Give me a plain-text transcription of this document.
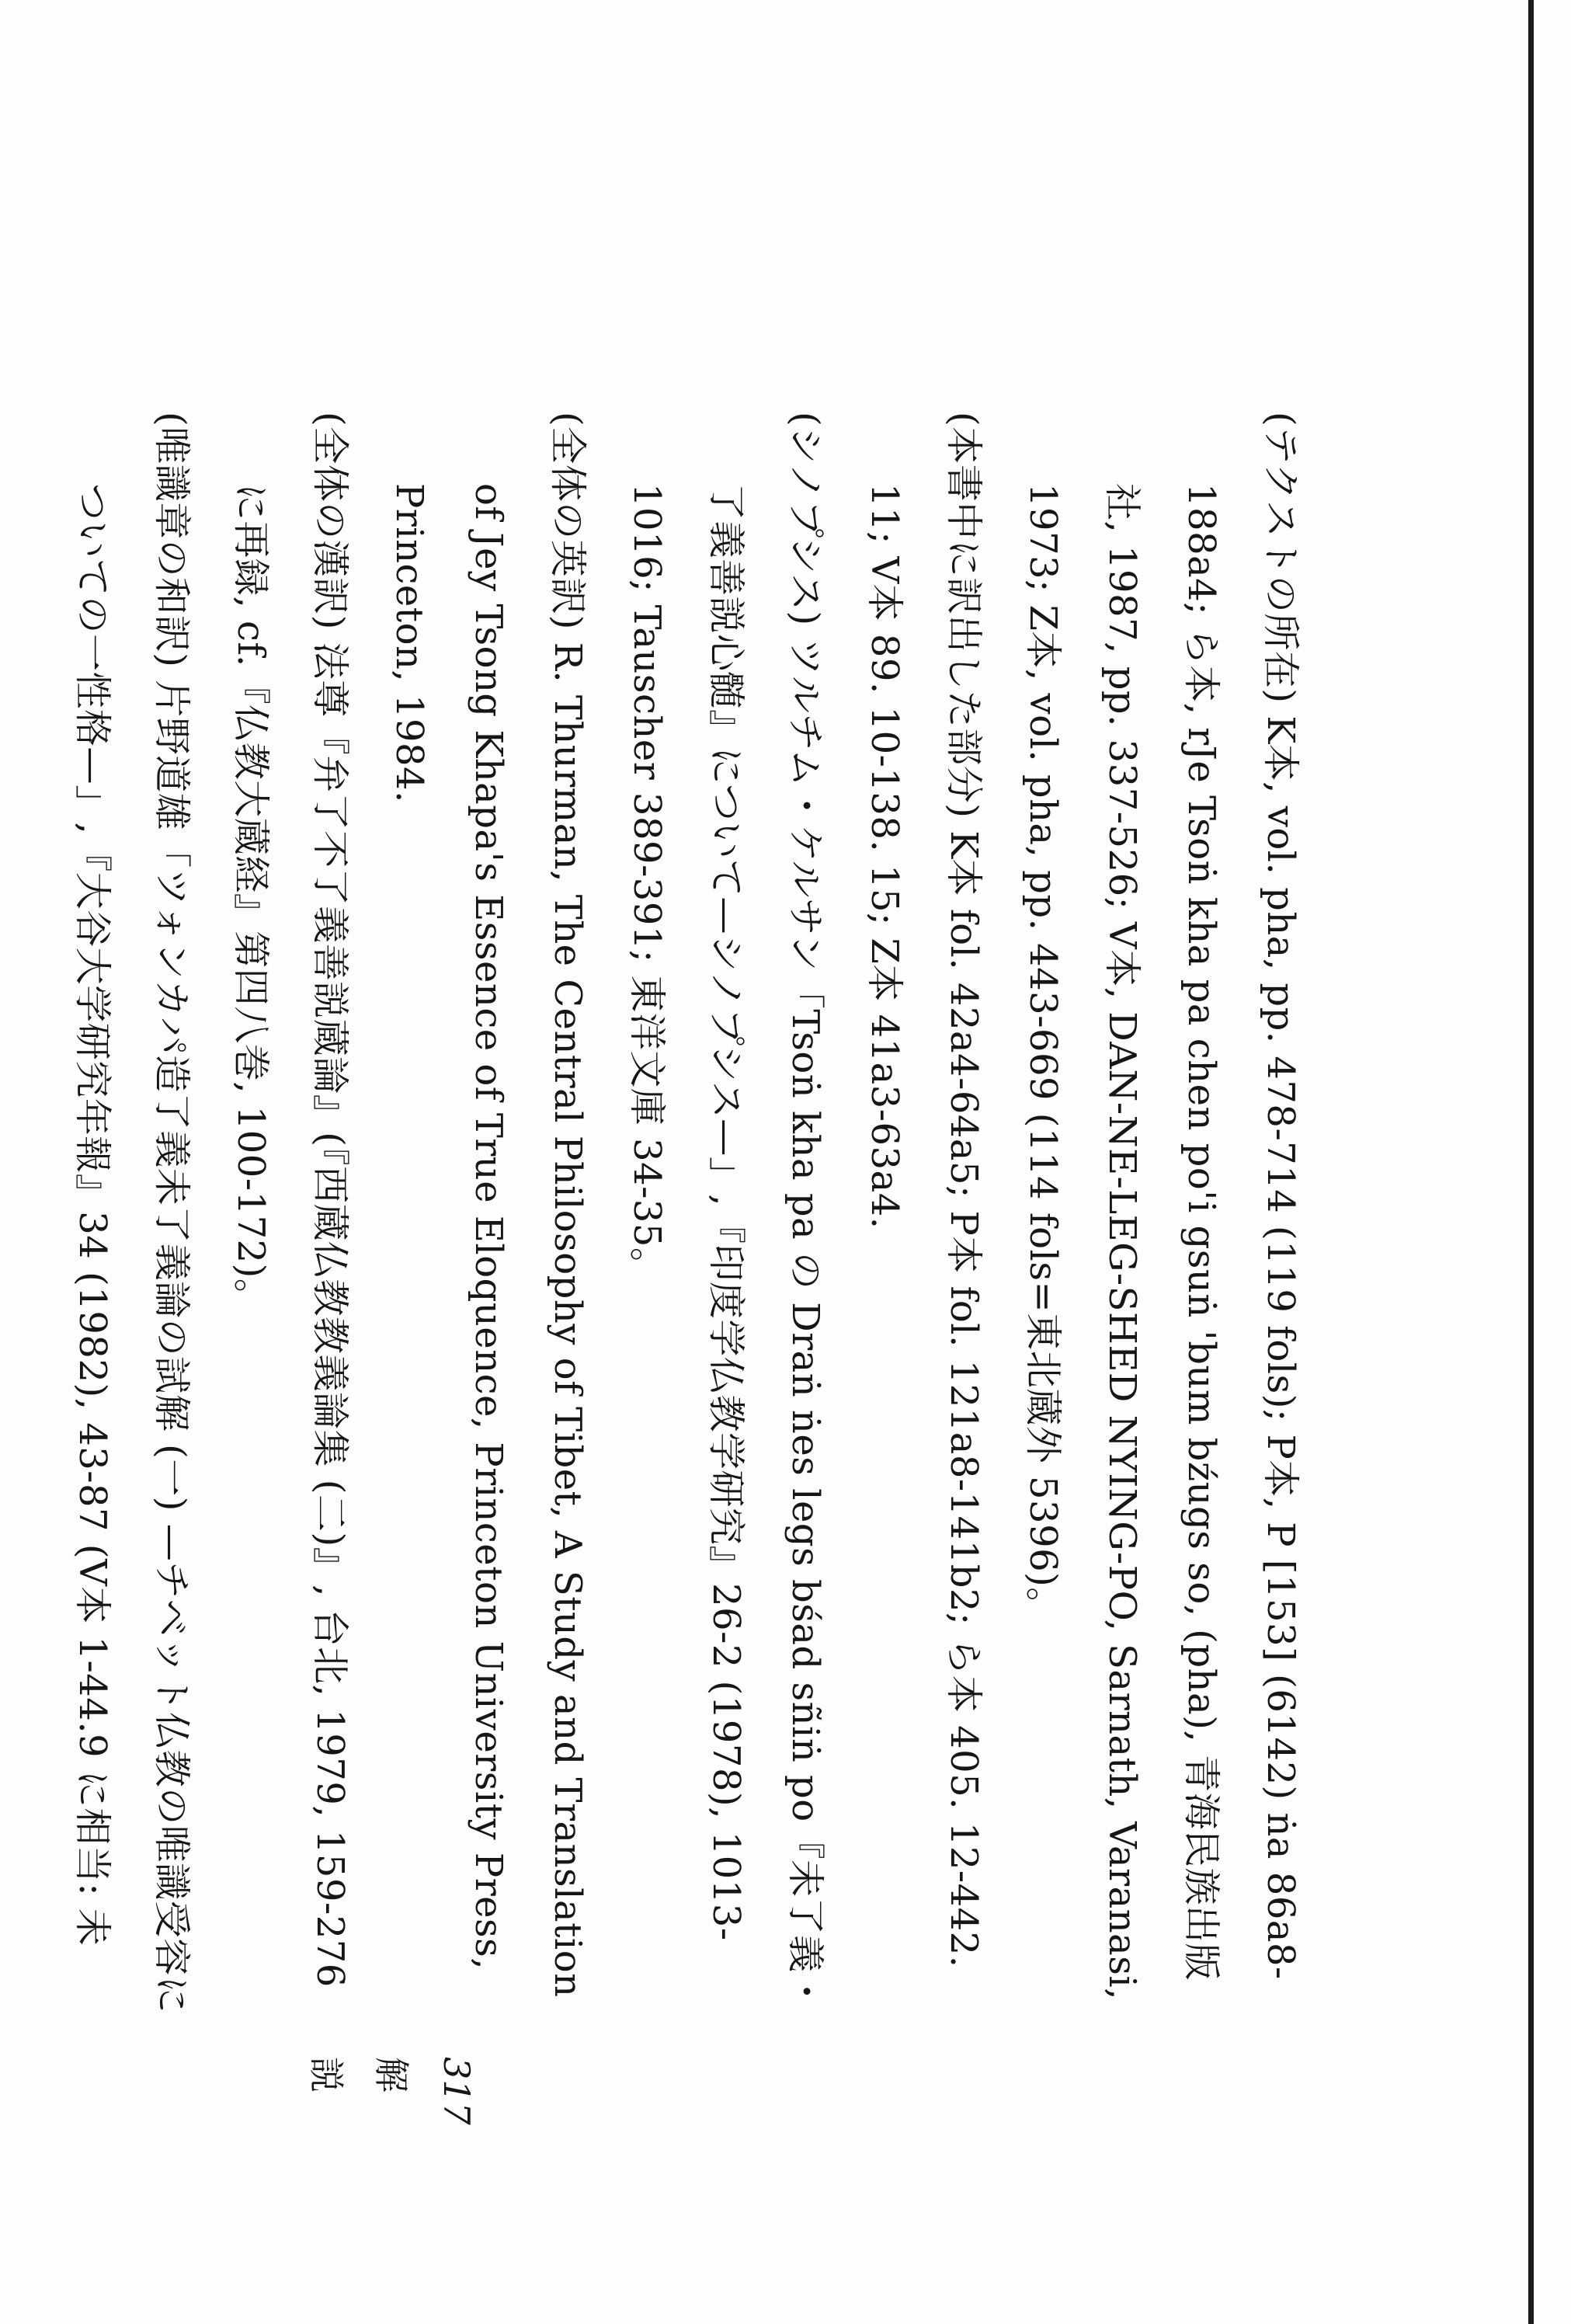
(テクストの所在) K本, vol. pha, pp. 478-714 (119 fols); P本, P [153] (6142) ṅa 86a8-188a4; ら本, rJe Tsoṅ kha pa chen po'i gsuṅ 'bum bźugs so, (pha), 青海民族出版社, 1987, pp. 337-526; V本, DAN-NE-LEG-SHED NYING-PO, Sarnath, Varanasi, 1973; Z本, vol. pha, pp. 443-669 (114 fols=東北蔵外 5396)。

(本書中に訳出した部分) K本 fol. 42a4-64a5; P本 fol. 121a8-141b2; ら本 405. 12-442. 11; V本 89. 10-138. 15; Z本 41a3-63a4.

(シノプシス) ツルチム・ケルサン「Tsoṅ kha pa の Draṅ ṅes legs bśad sñiṅ po『未了義・了義善説心髄』について—シノプシス—」,『印度学仏教学研究』26-2 (1978), 1013-1016; Tauscher 389-391; 東洋文庫 34-35。

(全体の英訳) R. Thurman, The Central Philosophy of Tibet, A Study and Translation of Jey Tsong Khapa's Essence of True Eloquence, Princeton University Press, Princeton, 1984.

(全体の漢訳) 法尊『弁了不了義善説蔵論』(『西蔵仏教教義論集 (二)』, 台北, 1979, 159-276 に再録, cf.『仏教大蔵経』第四八巻, 100-172)。

(唯識章の和訳) 片野道雄「ツォンカパ造了義未了義論の試解 (一) —チベット仏教の唯識受容についての一性格—」,『大谷大学研究年報』34 (1982), 43-87 (V本 1-44.9 に相当: 未

317
解説
